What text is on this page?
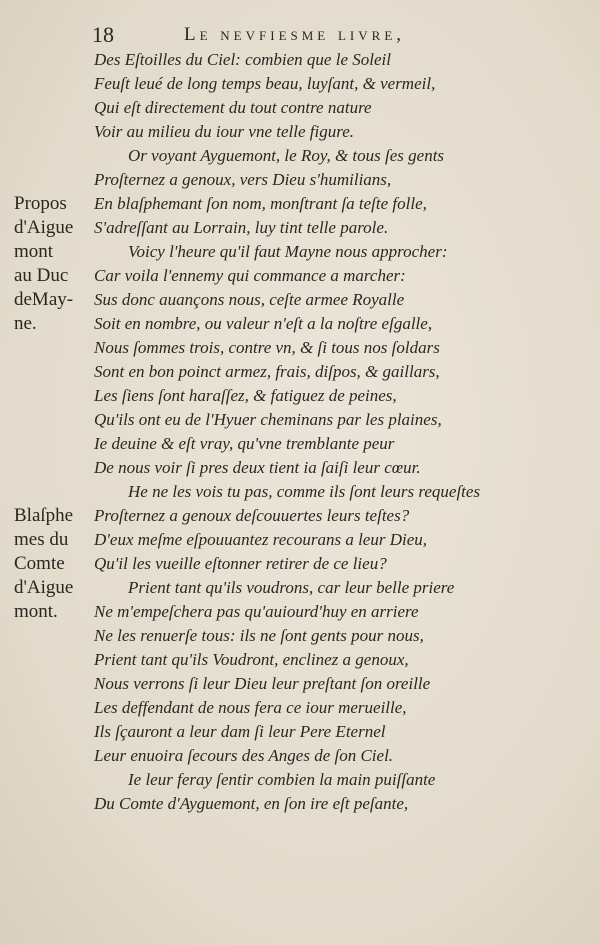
18	Le nevfiesme livre,
Propos
d'Aigue
mont
au Duc
deMay-
ne.
Blaſphe
mes du
Comte
d'Aigue
mont.
Des Eſtoilles du Ciel: combien que le Soleil
Feuſt leué de long temps beau, luyſant, & vermeil,
Qui eſt directement du tout contre nature
Voir au milieu du iour vne telle figure.
Or voyant Ayguemont, le Roy, & tous ſes gents
Proſternez a genoux, vers Dieu s'humilians,
En blaſphemant ſon nom, monſtrant ſa teſte folle,
S'adreſſant au Lorrain, luy tint telle parole.
Voicy l'heure qu'il faut Mayne nous approcher:
Car voila l'ennemy qui commance a marcher:
Sus donc auançons nous, ceſte armee Royalle
Soit en nombre, ou valeur n'eſt a la noſtre eſgalle,
Nous ſommes trois, contre vn, & ſi tous nos ſoldars
Sont en bon poinct armez, frais, diſpos, & gaillars,
Les ſiens ſont haraſſez, & fatiguez de peines,
Qu'ils ont eu de l'Hyuer cheminans par les plaines,
Ie deuine & eſt vray, qu'vne tremblante peur
De nous voir ſi pres deux tient ia ſaiſi leur cœur.
He ne les vois tu pas, comme ils ſont leurs requeſtes
Proſternez a genoux deſcouuertes leurs teſtes?
D'eux meſme eſpouuantez recourans a leur Dieu,
Qu'il les vueille eſtonner retirer de ce lieu?
Prient tant qu'ils voudrons, car leur belle priere
Ne m'empeſchera pas qu'auiourd'huy en arriere
Ne les renuerſe tous: ils ne ſont gents pour nous,
Prient tant qu'ils Voudront, enclinez a genoux,
Nous verrons ſi leur Dieu leur preſtant ſon oreille
Les deffendant de nous fera ce iour merueille,
Ils ſçauront a leur dam ſi leur Pere Eternel
Leur enuoira ſecours des Anges de ſon Ciel.
Ie leur feray ſentir combien la main puiſſante
Du Comte d'Ayguemont, en ſon ire eſt peſante,
